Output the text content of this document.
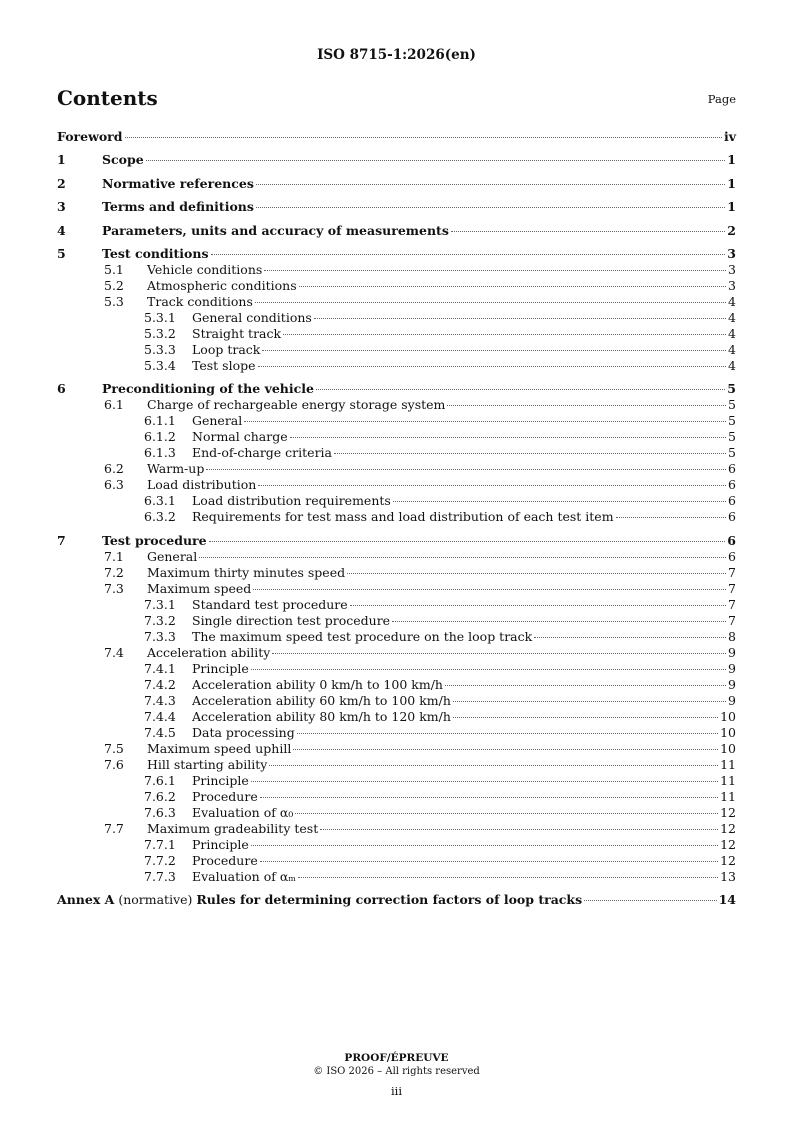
ISO 8715-1:2026(en)
Contents	Page
Foreword	iv
1	Scope	1
2	Normative references	1
3	Terms and definitions	1
4	Parameters, units and accuracy of measurements	2
5	Test conditions	3
5.1 Vehicle conditions	3
5.2 Atmospheric conditions	3
5.3 Track conditions	4
5.3.1 General conditions	4
5.3.2 Straight track	4
5.3.3 Loop track	4
5.3.4 Test slope	4
6	Preconditioning of the vehicle	5
6.1 Charge of rechargeable energy storage system	5
6.1.1 General	5
6.1.2 Normal charge	5
6.1.3 End-of-charge criteria	5
6.2 Warm-up	6
6.3 Load distribution	6
6.3.1 Load distribution requirements	6
6.3.2 Requirements for test mass and load distribution of each test item	6
7	Test procedure	6
7.1 General	6
7.2 Maximum thirty minutes speed	7
7.3 Maximum speed	7
7.3.1 Standard test procedure	7
7.3.2 Single direction test procedure	7
7.3.3 The maximum speed test procedure on the loop track	8
7.4 Acceleration ability	9
7.4.1 Principle	9
7.4.2 Acceleration ability 0 km/h to 100 km/h	9
7.4.3 Acceleration ability 60 km/h to 100 km/h	9
7.4.4 Acceleration ability 80 km/h to 120 km/h	10
7.4.5 Data processing	10
7.5 Maximum speed uphill	10
7.6 Hill starting ability	11
7.6.1 Principle	11
7.6.2 Procedure	11
7.6.3 Evaluation of α₀	12
7.7 Maximum gradeability test	12
7.7.1 Principle	12
7.7.2 Procedure	12
7.7.3 Evaluation of αₘ	13
Annex A (normative) Rules for determining correction factors of loop tracks	14
PROOF/ÉPREUVE
© ISO 2026 – All rights reserved
iii
